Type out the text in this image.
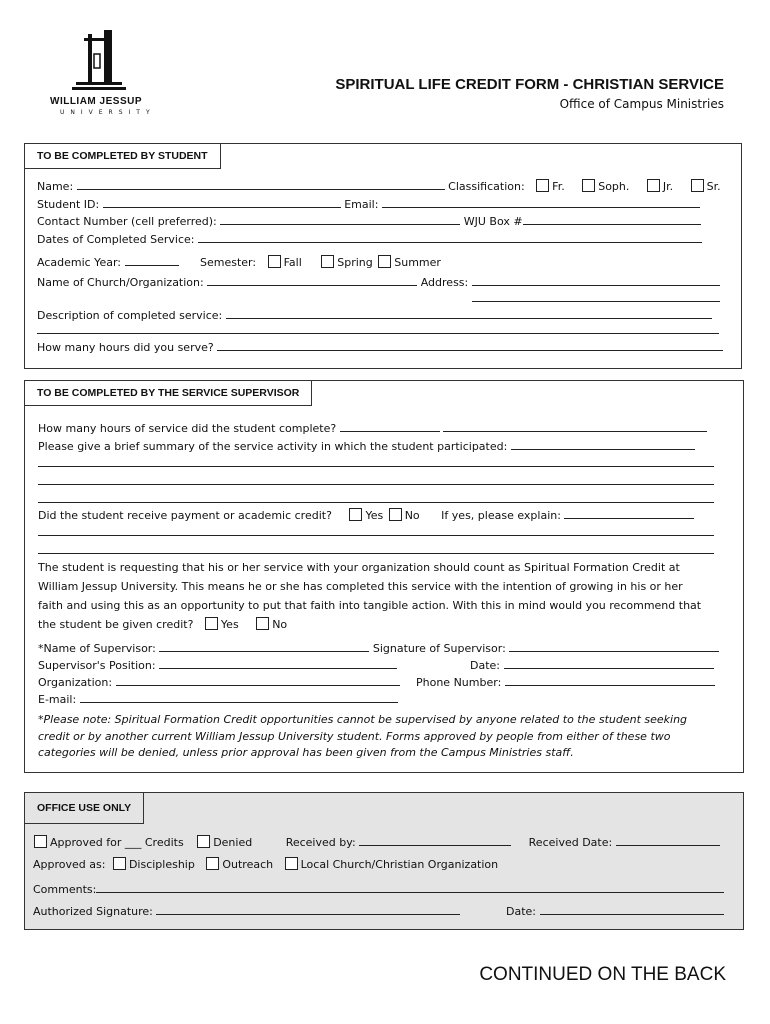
WILLIAM JESSUP
UNIVERSITY
SPIRITUAL LIFE CREDIT FORM - CHRISTIAN SERVICE
Office of Campus Ministries
TO BE COMPLETED BY STUDENT
Name:	Classification:	Fr.	Soph.	Jr.	Sr.
Student ID:	Email:
Contact Number (cell preferred):	WJU Box #
Dates of Completed Service:
Academic Year:	Semester:	Fall	Spring Summer
Name of Church/Organization:	Address:
Description of completed service:
How many hours did you serve?
TO BE COMPLETED BY THE SERVICE SUPERVISOR
How many hours of service did the student complete?
Please give a brief summary of the service activity in which the student participated:
Did the student receive payment or academic credit?	Yes No If yes, please explain:
The student is requesting that his or her service with your organization should count as Spiritual Formation Credit at
William Jessup University. This means he or she has completed this service with the intention of growing in his or her
faith and using this as an opportunity to put that faith into tangible action. With this in mind would you recommend that
the student be given credit?	Yes	No
*Name of Supervisor:	Signature of Supervisor:
Supervisor's Position:	Date:
Organization:	Phone Number:
E-mail:
*Please note: Spiritual Formation Credit opportunities cannot be supervised by anyone related to the student seeking
credit or by another current William Jessup University student. Forms approved by people from either of these two
categories will be denied, unless prior approval has been given from the Campus Ministries staff.
OFFICE USE ONLY
Approved for ___ Credits	Denied	Received by:	Received Date:
Approved as: Discipleship	Outreach	Local Church/Christian Organization
Comments:
Authorized Signature:	Date:
CONTINUED ON THE BACK
